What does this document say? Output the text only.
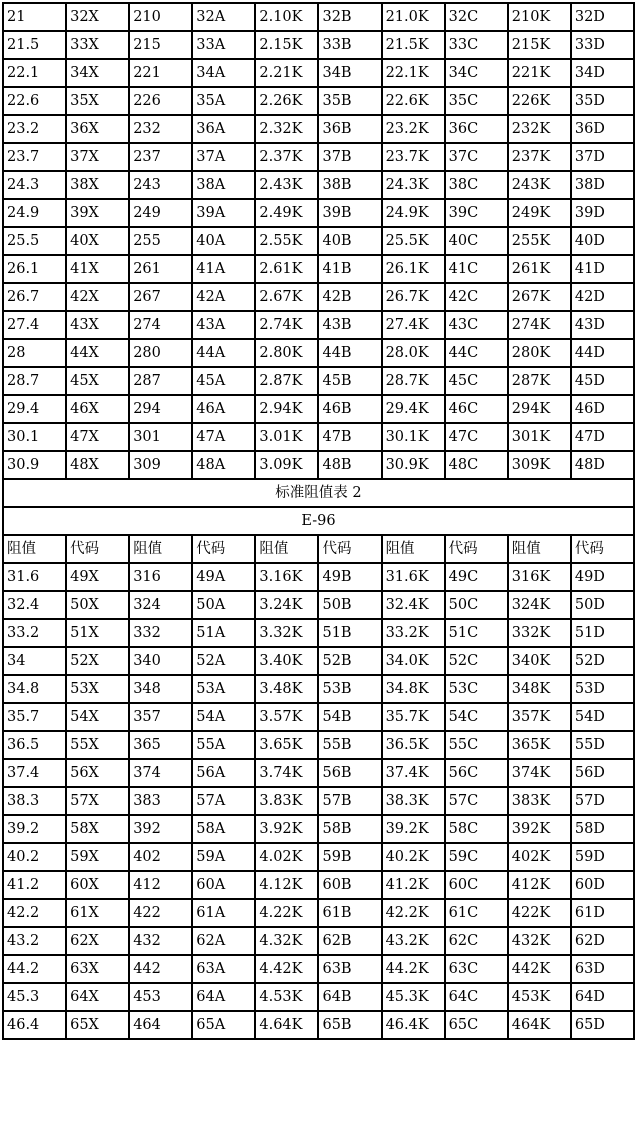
21	32X	210	32A	2.10K	32B	21.0K	32C	210K	32D
21.5	33X	215	33A	2.15K	33B	21.5K	33C	215K	33D
22.1	34X	221	34A	2.21K	34B	22.1K	34C	221K	34D
22.6	35X	226	35A	2.26K	35B	22.6K	35C	226K	35D
23.2	36X	232	36A	2.32K	36B	23.2K	36C	232K	36D
23.7	37X	237	37A	2.37K	37B	23.7K	37C	237K	37D
24.3	38X	243	38A	2.43K	38B	24.3K	38C	243K	38D
24.9	39X	249	39A	2.49K	39B	24.9K	39C	249K	39D
25.5	40X	255	40A	2.55K	40B	25.5K	40C	255K	40D
26.1	41X	261	41A	2.61K	41B	26.1K	41C	261K	41D
26.7	42X	267	42A	2.67K	42B	26.7K	42C	267K	42D
27.4	43X	274	43A	2.74K	43B	27.4K	43C	274K	43D
28	44X	280	44A	2.80K	44B	28.0K	44C	280K	44D
28.7	45X	287	45A	2.87K	45B	28.7K	45C	287K	45D
29.4	46X	294	46A	2.94K	46B	29.4K	46C	294K	46D
30.1	47X	301	47A	3.01K	47B	30.1K	47C	301K	47D
30.9	48X	309	48A	3.09K	48B	30.9K	48C	309K	48D
标准阻值表 2									
E-96									
阻值	代码	阻值	代码	阻值	代码	阻值	代码	阻值	代码
31.6	49X	316	49A	3.16K	49B	31.6K	49C	316K	49D
32.4	50X	324	50A	3.24K	50B	32.4K	50C	324K	50D
33.2	51X	332	51A	3.32K	51B	33.2K	51C	332K	51D
34	52X	340	52A	3.40K	52B	34.0K	52C	340K	52D
34.8	53X	348	53A	3.48K	53B	34.8K	53C	348K	53D
35.7	54X	357	54A	3.57K	54B	35.7K	54C	357K	54D
36.5	55X	365	55A	3.65K	55B	36.5K	55C	365K	55D
37.4	56X	374	56A	3.74K	56B	37.4K	56C	374K	56D
38.3	57X	383	57A	3.83K	57B	38.3K	57C	383K	57D
39.2	58X	392	58A	3.92K	58B	39.2K	58C	392K	58D
40.2	59X	402	59A	4.02K	59B	40.2K	59C	402K	59D
41.2	60X	412	60A	4.12K	60B	41.2K	60C	412K	60D
42.2	61X	422	61A	4.22K	61B	42.2K	61C	422K	61D
43.2	62X	432	62A	4.32K	62B	43.2K	62C	432K	62D
44.2	63X	442	63A	4.42K	63B	44.2K	63C	442K	63D
45.3	64X	453	64A	4.53K	64B	45.3K	64C	453K	64D
46.4	65X	464	65A	4.64K	65B	46.4K	65C	464K	65D
